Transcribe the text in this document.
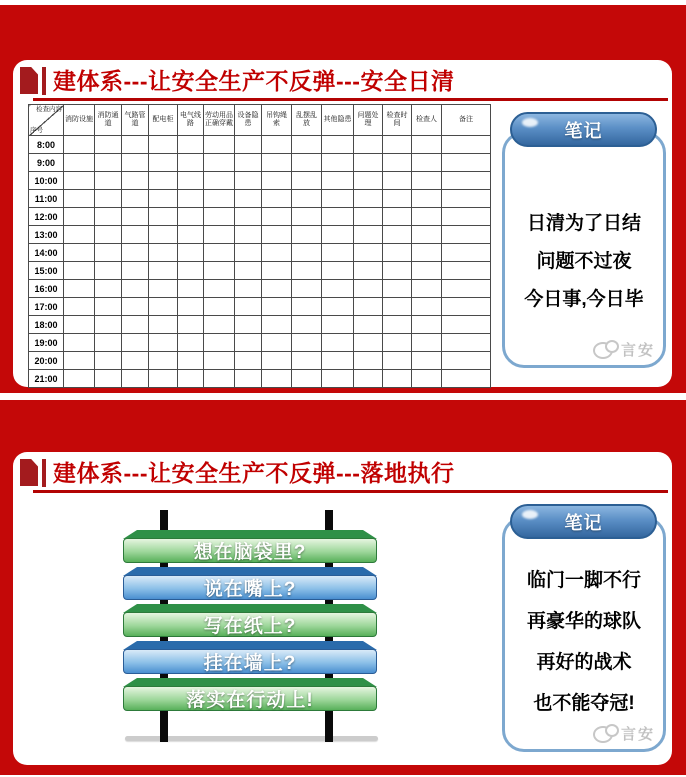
建体系---让安全生产不反弹---安全日清
检查内容
序号	消防设施	消防通道	气路管道	配电柜	电气线路	劳动用品正确穿戴	设备隐患	吊钩绳索	乱摆乱放	其他隐患	问题处理	检查时间	检查人	备注
8:00														
9:00														
10:00														
11:00														
12:00														
13:00														
14:00														
15:00														
16:00														
17:00														
18:00														
19:00														
20:00														
21:00														
笔记
日清为了日结
问题不过夜
今日事,今日毕
言安
建体系---让安全生产不反弹---落地执行
想在脑袋里?
说在嘴上?
写在纸上?
挂在墙上?
落实在行动上!
笔记
临门一脚不行
再豪华的球队
再好的战术
也不能夺冠!
言安
